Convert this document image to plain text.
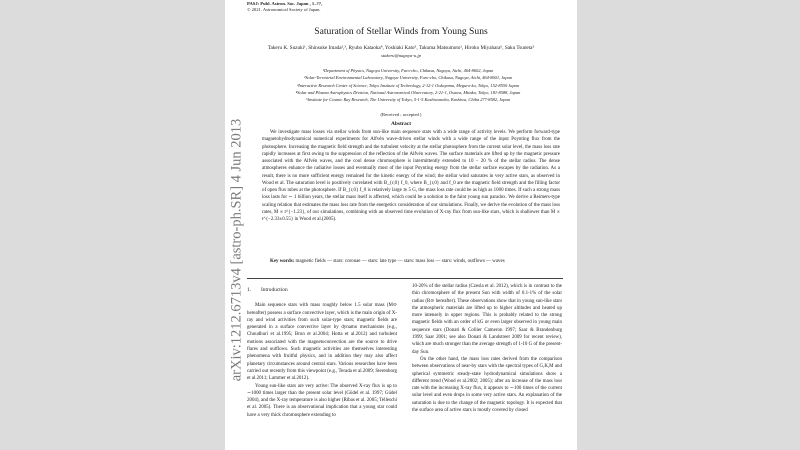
PASJ: Publ. Astron. Soc. Japan , 1–??,
© 2021. Astronomical Society of Japan.
Saturation of Stellar Winds from Young Suns
Takeru K. Suzuki¹, Shinsuke Imada²,³, Ryuho Kataoka⁴, Yoshiaki Kato⁵, Takuma Matsumoto¹, Hiroko Miyahara⁶, Saku Tsuneta⁵
stakeru@nagoya-u.jp
¹Department of Physics, Nagoya University, Furo-cho, Chikusa, Nagoya, Aichi, 464-8602, Japan
²Solar-Terrestrial Environmental Laboratory, Nagoya University, Furo-cho, Chikusa, Nagoya, Aichi, 464-8601, Japan
³Interactive Research Center of Science, Tokyo Institute of Technology, 2-12-1 Ookayama, Meguro-ku, Tokyo, 152-8550 Japan
⁴Solar and Plasma Astrophysics Division, National Astronomical Observatory, 2-21-1, Osawa, Mitaka, Tokyo, 181-8588, Japan
⁵Institute for Cosmic Ray Research, The University of Tokyo, 5-1-5 Kashiwanoha, Kashiwa, Chiba 277-8582, Japan
(Received ; accepted )
Abstract

We investigate mass losses via stellar winds from sun-like main sequence stars with a wide range of activity levels. We perform forward-type magnetohydrodynamical numerical experiments for Alfvén wave-driven stellar winds with a wide range of the input Poynting flux from the photosphere. Increasing the magnetic field strength and the turbulent velocity at the stellar photosphere from the current solar level, the mass loss rate rapidly increases at first owing to the suppression of the reflection of the Alfvén waves. The surface materials are lifted up by the magnetic pressure associated with the Alfvén waves, and the cool dense chromosphere is intermittently extended to 10 − 20 % of the stellar radius. The dense atmospheres enhance the radiative losses and eventually most of the input Poynting energy from the stellar surface escapes by the radiation. As a result, there is no more sufficient energy remained for the kinetic energy of the wind; the stellar wind saturates in very active stars, as observed in Wood et al. The saturation level is positively correlated with B_{r,0} f_0, where B_{r,0} and f_0 are the magnetic field strength and the filling factor of open flux tubes at the photosphere. If B_{r,0} f_0 is relatively large ≳ 5 G, the mass loss rate could be as high as 1000 times. If such a strong mass loss lasts for ∼ 1 billion years, the stellar mass itself is affected, which could be a solution to the faint young sun paradox. We derive a Reimers-type scaling relation that estimates the mass loss rate from the energetics consideration of our simulations. Finally, we derive the evolution of the mass loss rates, Ṁ ∝ t^{−1.23}, of our simulations, combining with an observed time evolution of X-ray flux from sun-like stars, which is shallower than Ṁ ∝ t^{−2.33±0.55} in Wood et al.(2005).

Key words: magnetic fields — stars: coronae — stars: late type — stars: mass loss — stars: winds, outflows — waves
1. Introduction

Main sequence stars with mass roughly below 1.5 solar mass (M⊙ hereafter) possess a surface convective layer, which is the main origin of X-ray and wind activities from such solar-type stars; magnetic fields are generated in a surface convective layer by dynamo mechanisms (e.g., Choudhuri et al.1995; Brun et al.2004; Hotta et al.2012) and turbulent motions associated with the magnetoconvection are the source to drive flares and outflows. Such magnetic activities are themselves interesting phenomena with fruitful physics, and in addition they may also affect planetary circumstances around central stars. Various researches have been carried out recently from this viewpoint (e.g., Terada et al.2009; Sterenborg et al.2011; Lammer et al.2012).

Young sun-like stars are very active: The observed X-ray flux is up to ∼1000 times larger than the present solar level (Güdel et al. 1997; Güdel 2004), and the X-ray temperature is also higher (Ribas et al. 2005; Telleschi et al. 2005). There is an observational implication that a young star could have a very thick chromosphere extending to

10-20% of the stellar radius (Czesla et al. 2012), which is in contrast to the thin chromosphere of the present Sun with width of 0.1-1% of the solar radius (R⊙ hereafter). These observations show that in young sun-like stars the atmospheric materials are lifted up to higher altitudes and heated up more intensely in upper regions. This is probably related to the strong magnetic fields with an order of kG or even larger observed in young main sequence stars (Donati & Collier Cameron 1997; Saar & Brandenburg 1999; Saar 2001; see also Donati & Landstreet 2009 for recent review), which are much stronger than the average strength of 1-10 G of the present-day Sun.

On the other hand, the mass loss rates derived from the comparison between observations of near-by stars with the spectral types of G,K,M and spherical symmetric steady-state hydrodynamical simulations show a different trend (Wood et al.2002; 2005); after an increase of the mass loss rate with the increasing X-ray flux, it appears to ∼100 times of the current solar level and even drops in some very active stars. An explanation of the saturation is due to the change of the magnetic topology. It is expected that the surface area of active stars is mostly covered by closed

arXiv:1212.6713v4 [astro-ph.SR] 4 Jun 2013
